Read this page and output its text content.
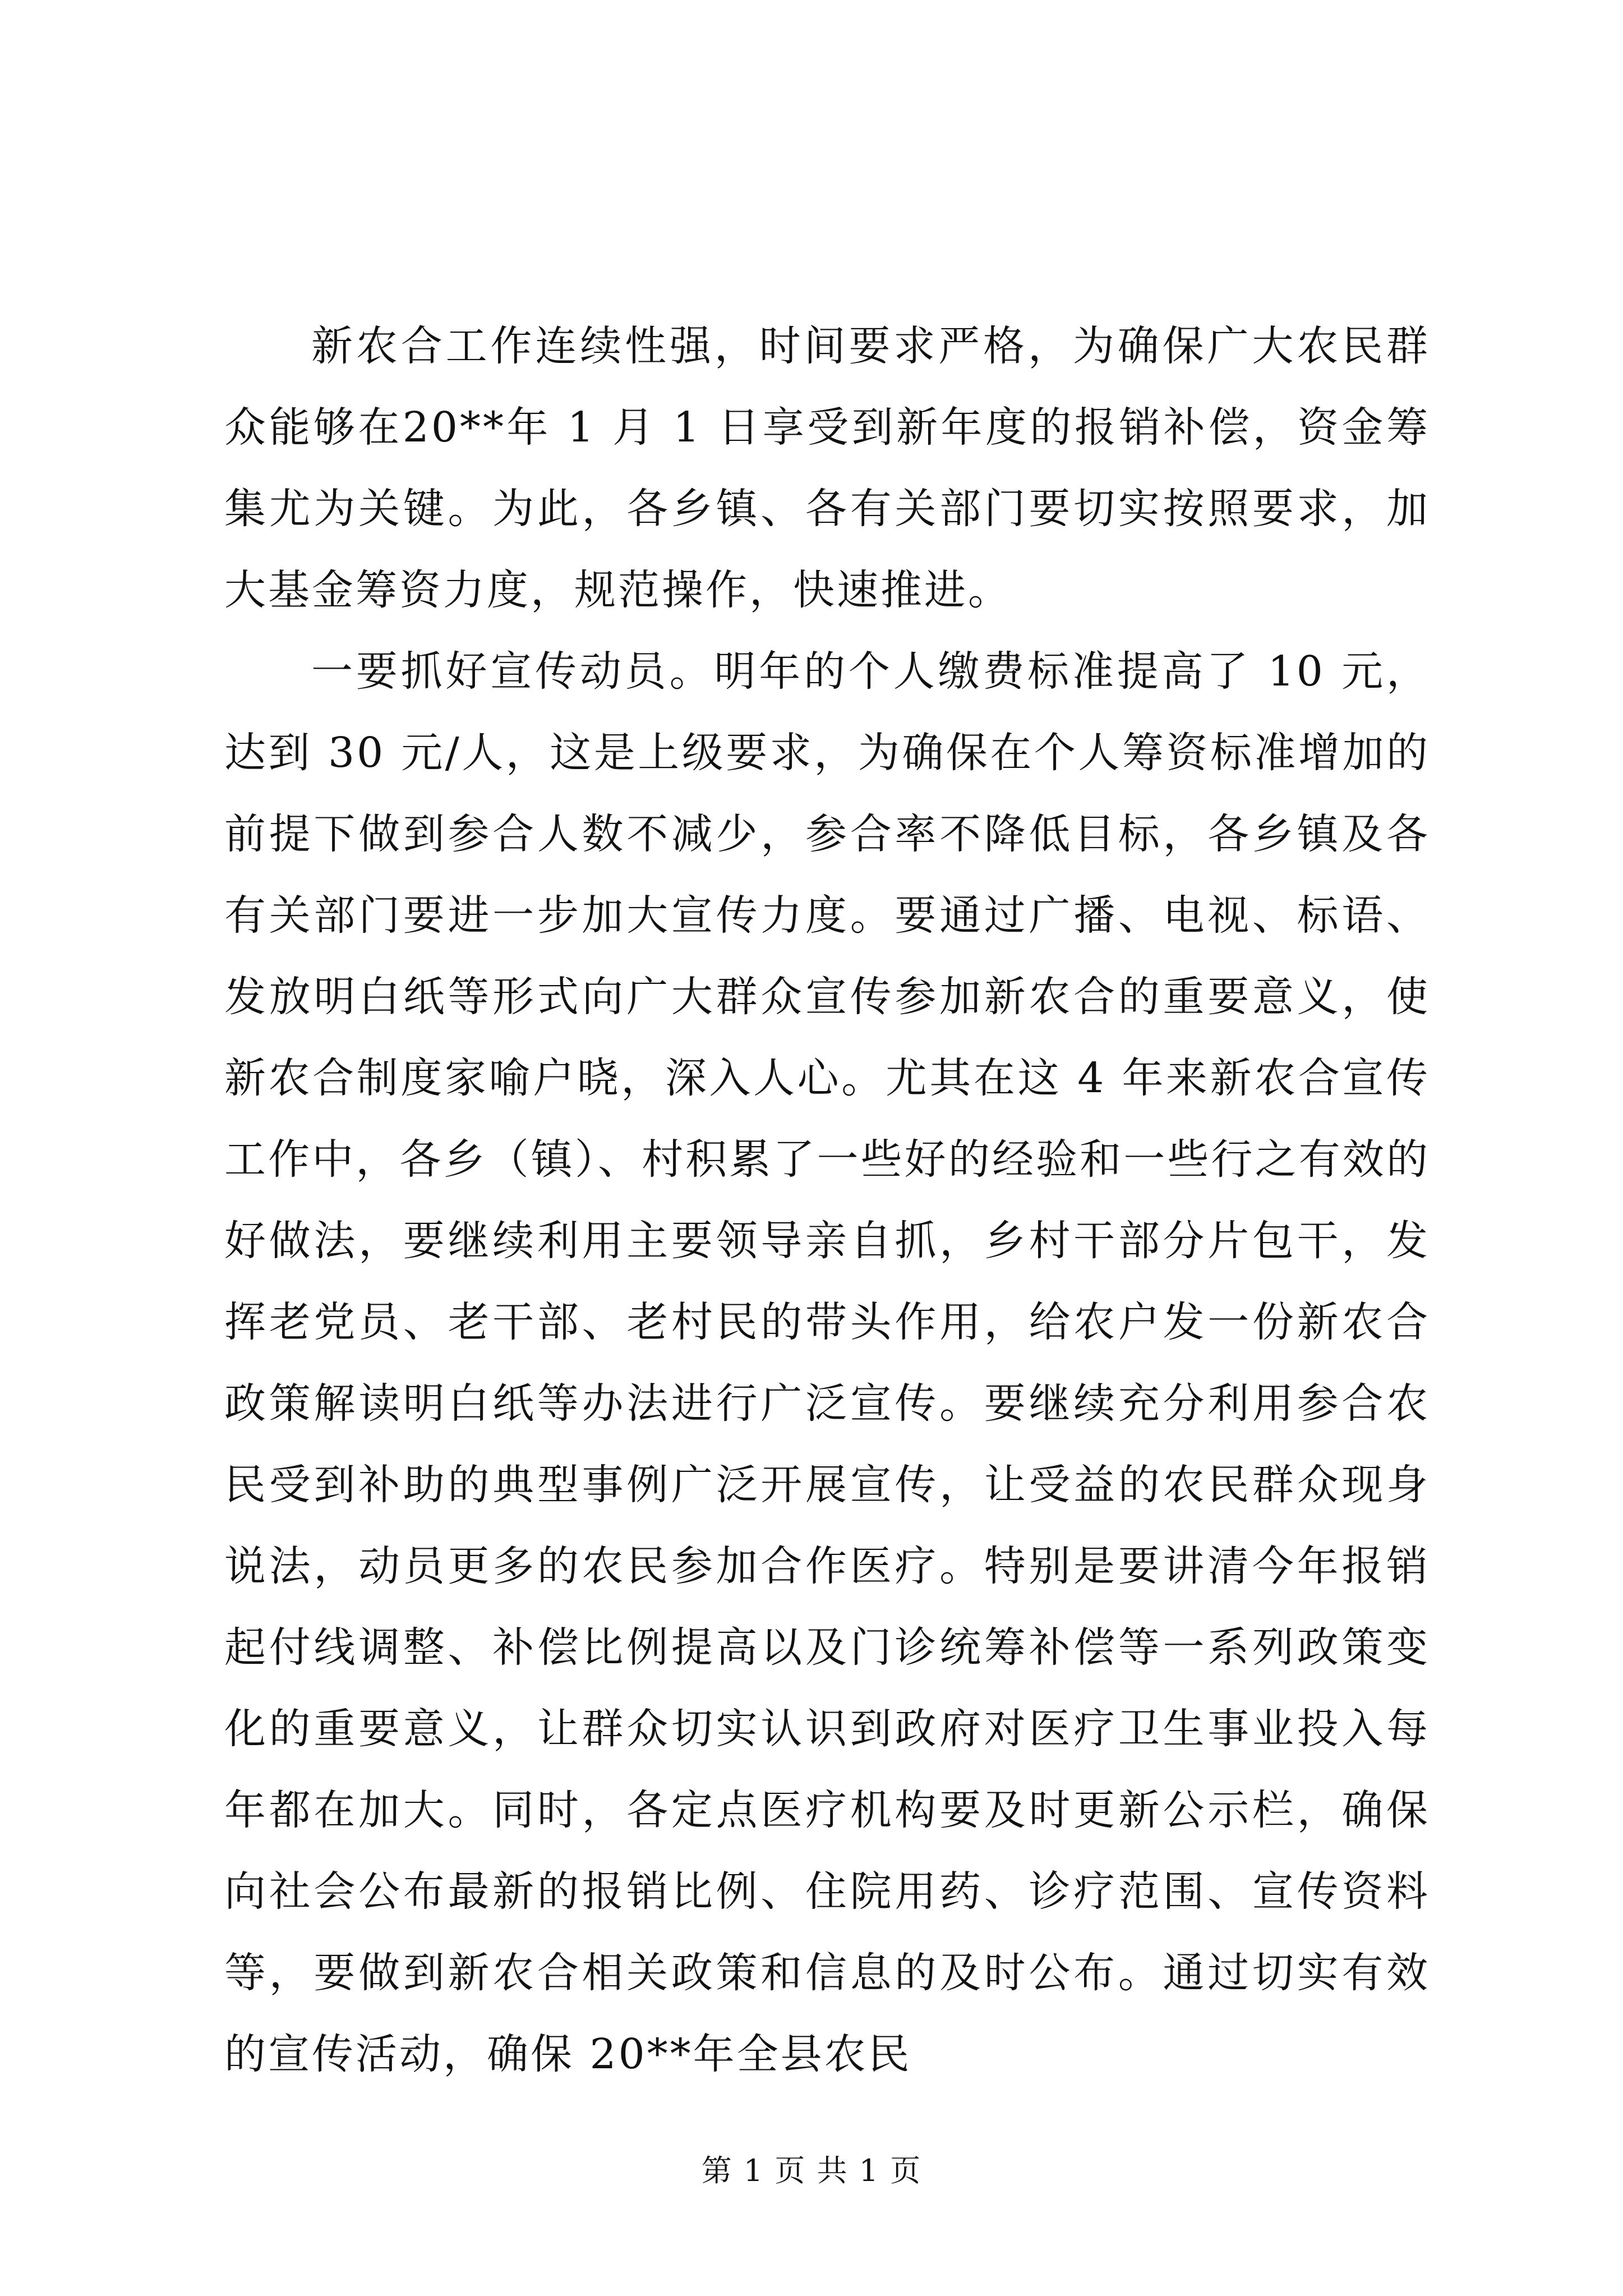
新农合工作连续性强，时间要求严格，为确保广大农民群众能够在20**年 1 月 1 日享受到新年度的报销补偿，资金筹集尤为关键。为此，各乡镇、各有关部门要切实按照要求，加大基金筹资力度，规范操作，快速推进。

一要抓好宣传动员。明年的个人缴费标准提高了 10 元，达到 30 元/人，这是上级要求，为确保在个人筹资标准增加的前提下做到参合人数不减少，参合率不降低目标，各乡镇及各有关部门要进一步加大宣传力度。要通过广播、电视、标语、发放明白纸等形式向广大群众宣传参加新农合的重要意义，使新农合制度家喻户晓，深入人心。尤其在这 4 年来新农合宣传工作中，各乡（镇）、村积累了一些好的经验和一些行之有效的好做法，要继续利用主要领导亲自抓，乡村干部分片包干，发挥老党员、老干部、老村民的带头作用，给农户发一份新农合政策解读明白纸等办法进行广泛宣传。要继续充分利用参合农民受到补助的典型事例广泛开展宣传，让受益的农民群众现身说法，动员更多的农民参加合作医疗。特别是要讲清今年报销起付线调整、补偿比例提高以及门诊统筹补偿等一系列政策变化的重要意义，让群众切实认识到政府对医疗卫生事业投入每年都在加大。同时，各定点医疗机构要及时更新公示栏，确保向社会公布最新的报销比例、住院用药、诊疗范围、宣传资料等，要做到新农合相关政策和信息的及时公布。通过切实有效的宣传活动，确保 20**年全县农民

第 1 页 共 1 页
